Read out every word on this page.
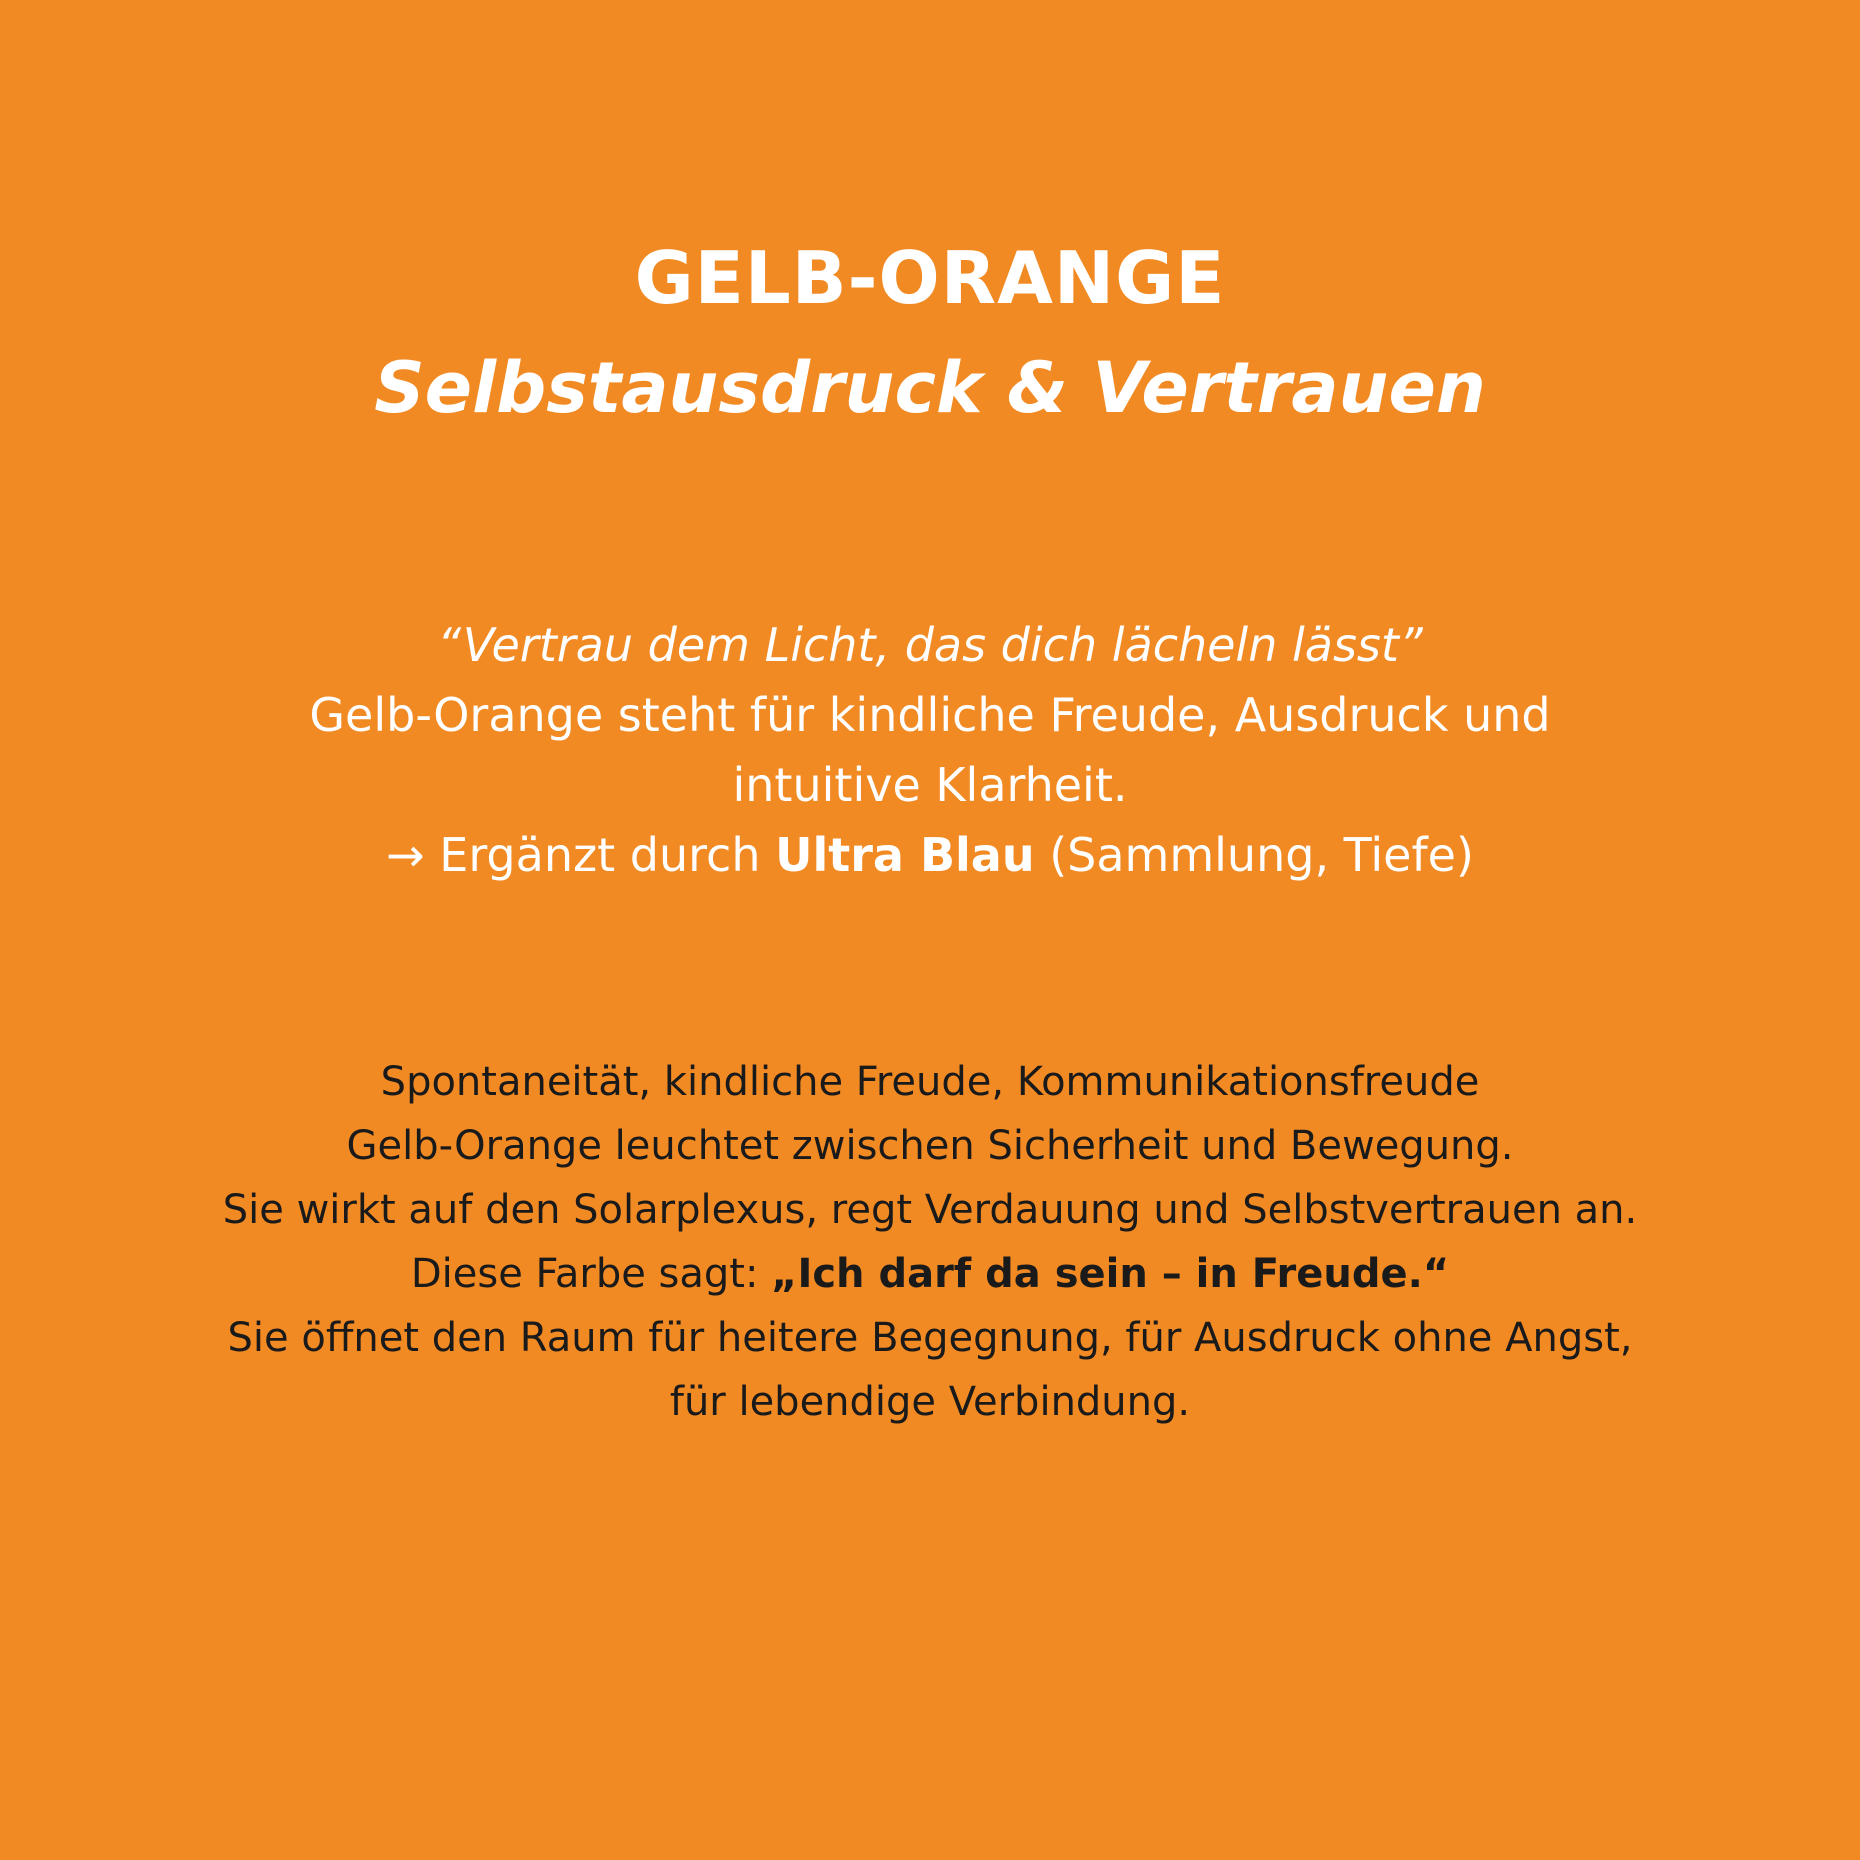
GELB-ORANGE
Selbstausdruck & Vertrauen
“Vertrau dem Licht, das dich lächeln lässt”
Gelb-Orange steht für kindliche Freude, Ausdruck und
intuitive Klarheit.
→ Ergänzt durch Ultra Blau (Sammlung, Tiefe)
Spontaneität, kindliche Freude, Kommunikationsfreude
Gelb-Orange leuchtet zwischen Sicherheit und Bewegung.
Sie wirkt auf den Solarplexus, regt Verdauung und Selbstvertrauen an.
Diese Farbe sagt: „Ich darf da sein – in Freude.“
Sie öffnet den Raum für heitere Begegnung, für Ausdruck ohne Angst,
für lebendige Verbindung.
